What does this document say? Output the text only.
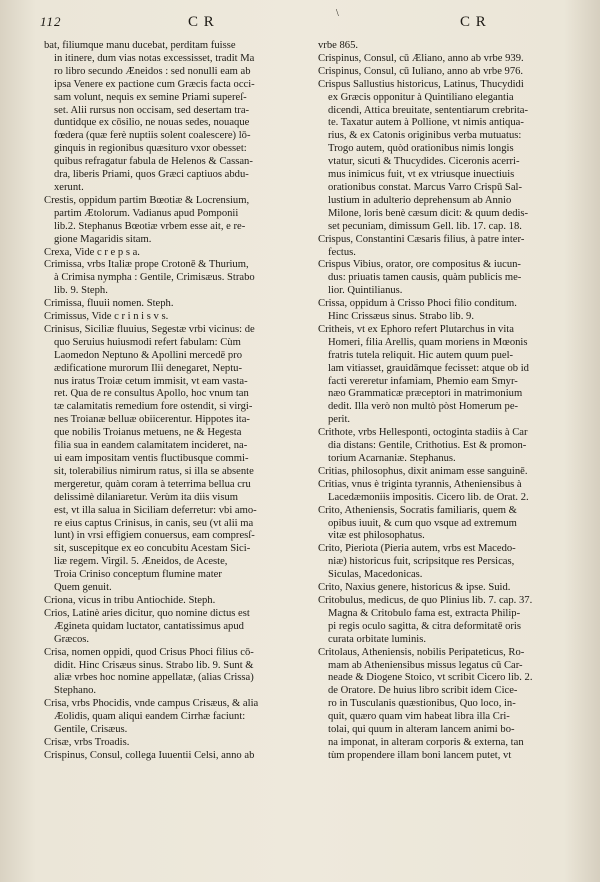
112	C R
\
C R
bat, filiumque manu ducebat, perditam fuisse
in itinere, dum vias notas excessisset, tradit Ma
ro libro secundo Æneidos : sed nonulli eam ab
ipsa Venere ex pactione cum Græcis facta occi-
sam volunt, nequis ex semine Priami supereſ-
set. Alii rursus non occisam, sed desertam tra-
duntidque ex cōsilio, ne nouas sedes, nouaque
fœdera (quæ ferè nuptiis solent coalescere) lō-
ginquis in regionibus quæsituro vxor obesset:
quibus refragatur fabula de Helenos & Cassan-
dra, liberis Priami, quos Græci captiuos abdu-
xerunt.
Crestis, oppidum partim Bœotiæ & Locrensium,
partim Ætolorum. Vadianus apud Pomponii
lib.2. Stephanus Bœotiæ vrbem esse ait, e re-
gione Magaridis sitam.
Crexa, Vide c r e p s a.
Crimissa, vrbs Italiæ prope Crotonē & Thurium,
à Crimisa nympha : Gentile, Crimisæus. Strabo
lib. 9. Steph.
Crimissa, fluuii nomen. Steph.
Crimissus, Vide c r i n i s v s.
Crinisus, Siciliæ fluuius, Segestæ vrbi vicinus: de
quo Seruius huiusmodi refert fabulam: Cùm
Laomedon Neptuno & Apollini mercedē pro
ædificatione murorum Ilii denegaret, Neptu-
nus iratus Troiæ cetum immisit, vt eam vasta-
ret. Qua de re consultus Apollo, hoc vnum tan
tæ calamitatis remedium fore ostendit, si virgi-
nes Troianæ belluæ obiicerentur. Hippotes ita-
que nobilis Troianus metuens, ne & Hegesta
filia sua in eandem calamitatem incideret, na-
ui eam impositam ventis fluctibusque commi-
sit, tolerabilius nimirum ratus, si illa se absente
mergeretur, quàm coram à teterrima bellua cru
delissimè dilaniaretur. Verùm ita diis visum
est, vt illa salua in Siciliam deferretur: vbi amo-
re eius captus Crinisus, in canis, seu (vt alii ma
lunt) in vrsi effigiem conuersus, eam compresſ-
sit, suscepitque ex eo concubitu Acestam Sici-
liæ regem. Virgil. 5. Æneidos, de Aceste,
Troia Criniso conceptum flumine mater
Quem genuit.
Criona, vicus in tribu Antiochide. Steph.
Crios, Latinè aries dicitur, quo nomine dictus est
Ægineta quidam luctator, cantatissimus apud
Græcos.
Crisa, nomen oppidi, quod Crisus Phoci filius cō-
didit. Hinc Crisæus sinus. Strabo lib. 9. Sunt &
aliæ vrbes hoc nomine appellatæ, (alias Crissa)
Stephano.
Crisa, vrbs Phocidis, vnde campus Crisæus, & alia
Æolidis, quam aliqui eandem Cirrhæ faciunt:
Gentile, Crisæus.
Crisæ, vrbs Troadis.
Crispinus, Consul, collega Iuuentii Celsi, anno ab
vrbe 865.
Crispinus, Consul, cū Æliano, anno ab vrbe 939.
Crispinus, Consul, cū Iuliano, anno ab vrbe 976.
Crispus Sallustius historicus, Latinus, Thucydidi
ex Græcis opponitur à Quintiliano elegantia
dicendi, Attica breuitate, sententiarum crebrita-
te. Taxatur autem à Pollione, vt nimis antiqua-
rius, & ex Catonis originibus verba mutuatus:
Trogo autem, quòd orationibus nimis longis
vtatur, sicuti & Thucydides. Ciceronis acerri-
mus inimicus fuit, vt ex vtriusque inuectiuis
orationibus constat. Marcus Varro Crispū Sal-
lustium in adulterio deprehensum ab Annio
Milone, loris benè cæsum dicit: & quum dedis-
set pecuniam, dimissum Gell. lib. 17. cap. 18.
Crispus, Constantini Cæsaris filius, à patre inter-
fectus.
Crispus Vibius, orator, ore compositus & iucun-
dus: priuatis tamen causis, quàm publicis me-
lior. Quintilianus.
Crissa, oppidum à Crisso Phoci filio conditum.
Hinc Crissæus sinus. Strabo lib. 9.
Critheis, vt ex Ephoro refert Plutarchus in vita
Homeri, filia Arellis, quam moriens in Mœonis
fratris tutela reliquit. Hic autem quum puel-
lam vitiasset, grauidāmque fecisset: atque ob id
facti vereretur infamiam, Phemio eam Smyr-
næo Grammaticæ præceptori in matrimonium
dedit. Illa verò non multò pòst Homerum pe-
perit.
Crithote, vrbs Hellesponti, octoginta stadiis à Car
dia distans: Gentile, Crithotius. Est & promon-
torium Acarnaniæ. Stephanus.
Critias, philosophus, dixit animam esse sanguinē.
Critias, vnus è triginta tyrannis, Atheniensibus à
Lacedæmoniis impositis. Cicero lib. de Orat. 2.
Crito, Atheniensis, Socratis familiaris, quem &
opibus iuuit, & cum quo vsque ad extremum
vitæ est philosophatus.
Crito, Pieriota (Pieria autem, vrbs est Macedo-
niæ) historicus fuit, scripsitque res Persicas,
Siculas, Macedonicas.
Crito, Naxius genere, historicus & ipse. Suid.
Critobulus, medicus, de quo Plinius lib. 7. cap. 37.
Magna & Critobulo fama est, extracta Philip-
pi regis oculo sagitta, & citra deformitatē oris
curata orbitate luminis.
Critolaus, Atheniensis, nobilis Peripateticus, Ro-
mam ab Atheniensibus missus legatus cū Car-
neade & Diogene Stoico, vt scribit Cicero lib. 2.
de Oratore. De huius libro scribit idem Cice-
ro in Tusculanis quæstionibus, Quo loco, in-
quit, quæro quam vim habeat libra illa Cri-
tolai, qui quum in alteram lancem animi bo-
na imponat, in alteram corporis & externa, tan
tùm propendere illam boni lancem putet, vt
